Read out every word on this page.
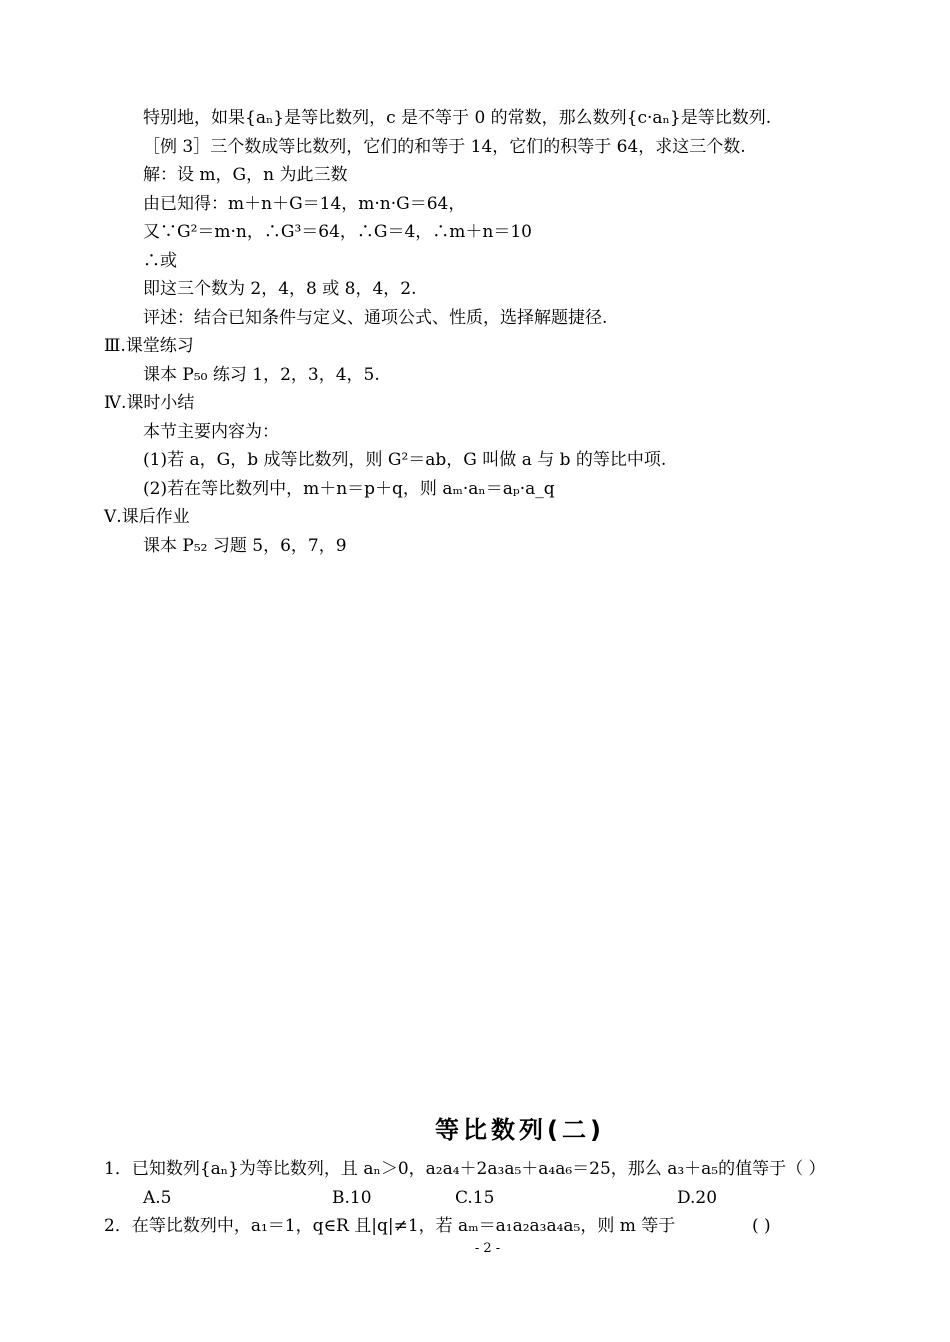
特别地，如果{aₙ}是等比数列，c 是不等于 0 的常数，那么数列{c·aₙ}是等比数列.
［例 3］三个数成等比数列，它们的和等于 14，它们的积等于 64，求这三个数.
解：设 m，G，n 为此三数
由已知得：m＋n＋G＝14，m·n·G＝64，
又∵G²＝m·n，∴G³＝64，∴G＝4，∴m＋n＝10
∴或
即这三个数为 2，4，8 或 8，4，2.
评述：结合已知条件与定义、通项公式、性质，选择解题捷径.
Ⅲ.课堂练习
课本 P₅₀ 练习 1，2，3，4，5.
Ⅳ.课时小结
本节主要内容为：
(1)若 a，G，b 成等比数列，则 G²＝ab，G 叫做 a 与 b 的等比中项.
(2)若在等比数列中，m＋n＝p＋q，则 aₘ·aₙ＝aₚ·a_q
Ⅴ.课后作业
课本 P₅₂ 习题 5，6，7，9
等比数列(二)
1．已知数列{aₙ}为等比数列，且 aₙ＞0，a₂a₄＋2a₃a₅＋a₄a₆＝25，那么 a₃＋a₅的值等于（ ）
A.5	B.10	C.15	D.20
2．在等比数列中，a₁＝1，q∈R 且|q|≠1，若 aₘ＝a₁a₂a₃a₄a₅，则 m 等于	( )
- 2 -
